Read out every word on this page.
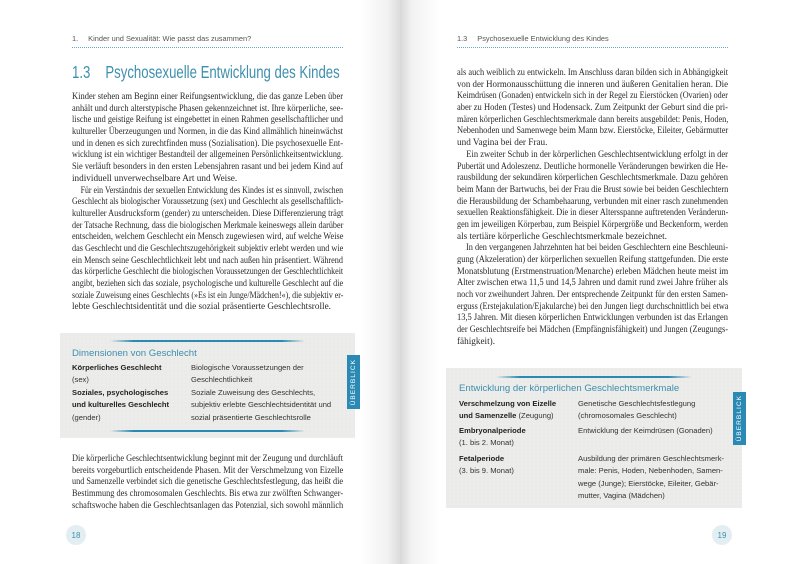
1. Kinder und Sexualität: Wie passt das zusammen?
1.3 Psychosexuelle Entwicklung des Kindes
Kinder stehen am Beginn einer Reifungsentwicklung, die das ganze Leben über
anhält und durch alterstypische Phasen gekennzeichnet ist. Ihre körperliche, see-
lische und geistige Reifung ist eingebettet in einen Rahmen gesellschaftlicher und
kultureller Überzeugungen und Normen, in die das Kind allmählich hineinwächst
und in denen es sich zurechtfinden muss (Sozialisation). Die psychosexuelle Ent-
wicklung ist ein wichtiger Bestandteil der allgemeinen Persönlichkeitsentwicklung.
Sie verläuft besonders in den ersten Lebensjahren rasant und bei jedem Kind auf
individuell unverwechselbare Art und Weise.
Für ein Verständnis der sexuellen Entwicklung des Kindes ist es sinnvoll, zwischen
Geschlecht als biologischer Voraussetzung (sex) und Geschlecht als gesellschaftlich-
kultureller Ausdrucksform (gender) zu unterscheiden. Diese Differenzierung trägt
der Tatsache Rechnung, dass die biologischen Merkmale keineswegs allein darüber
entscheiden, welchem Geschlecht ein Mensch zugewiesen wird, auf welche Weise
das Geschlecht und die Geschlechtszugehörigkeit subjektiv erlebt werden und wie
ein Mensch seine Geschlechtlichkeit lebt und nach außen hin präsentiert. Während
das körperliche Geschlecht die biologischen Voraussetzungen der Geschlechtlichkeit
angibt, beziehen sich das soziale, psychologische und kulturelle Geschlecht auf die
soziale Zuweisung eines Geschlechts (»Es ist ein Junge/Mädchen!«), die subjektiv er-
lebte Geschlechtsidentität und die sozial präsentierte Geschlechtsrolle.
Dimensionen von Geschlecht
Körperliches Geschlecht
(sex)
Biologische Voraussetzungen der
Geschlechtlichkeit
Soziales, psychologisches
und kulturelles Geschlecht
(gender)
Soziale Zuweisung des Geschlechts,
subjektiv erlebte Geschlechtsidentität und
sozial präsentierte Geschlechtsrolle
ÜBERBLICK
Die körperliche Geschlechtsentwicklung beginnt mit der Zeugung und durchläuft
bereits vorgeburtlich entscheidende Phasen. Mit der Verschmelzung von Eizelle
und Samenzelle verbindet sich die genetische Geschlechtsfestlegung, das heißt die
Bestimmung des chromosomalen Geschlechts. Bis etwa zur zwölften Schwanger-
schaftswoche haben die Geschlechtsanlagen das Potenzial, sich sowohl männlich
18
1.3 Psychosexuelle Entwicklung des Kindes
als auch weiblich zu entwickeln. Im Anschluss daran bilden sich in Abhängigkeit
von der Hormonausschüttung die inneren und äußeren Genitalien heran. Die
Keimdrüsen (Gonaden) entwickeln sich in der Regel zu Eierstöcken (Ovarien) oder
aber zu Hoden (Testes) und Hodensack. Zum Zeitpunkt der Geburt sind die pri-
mären körperlichen Geschlechtsmerkmale dann bereits ausgebildet: Penis, Hoden,
Nebenhoden und Samenwege beim Mann bzw. Eierstöcke, Eileiter, Gebärmutter
und Vagina bei der Frau.
Ein zweiter Schub in der körperlichen Geschlechtsentwicklung erfolgt in der
Pubertät und Adoleszenz. Deutliche hormonelle Veränderungen bewirken die He-
rausbildung der sekundären körperlichen Geschlechtsmerkmale. Dazu gehören
beim Mann der Bartwuchs, bei der Frau die Brust sowie bei beiden Geschlechtern
die Herausbildung der Schambehaarung, verbunden mit einer rasch zunehmenden
sexuellen Reaktionsfähigkeit. Die in dieser Altersspanne auftretenden Veränderun-
gen im jeweiligen Körperbau, zum Beispiel Körpergröße und Beckenform, werden
als tertiäre körperliche Geschlechtsmerkmale bezeichnet.
In den vergangenen Jahrzehnten hat bei beiden Geschlechtern eine Beschleuni-
gung (Akzeleration) der körperlichen sexuellen Reifung stattgefunden. Die erste
Monatsblutung (Erstmenstruation/Menarche) erleben Mädchen heute meist im
Alter zwischen etwa 11,5 und 14,5 Jahren und damit rund zwei Jahre früher als
noch vor zweihundert Jahren. Der entsprechende Zeitpunkt für den ersten Samen-
erguss (Erstejakulation/Ejakularche) bei den Jungen liegt durchschnittlich bei etwa
13,5 Jahren. Mit diesen körperlichen Entwicklungen verbunden ist das Erlangen
der Geschlechtsreife bei Mädchen (Empfängnisfähigkeit) und Jungen (Zeugungs-
fähigkeit).
Entwicklung der körperlichen Geschlechtsmerkmale
Verschmelzung von Eizelle
und Samenzelle (Zeugung)
Genetische Geschlechtsfestlegung
(chromosomales Geschlecht)
Embryonalperiode
(1. bis 2. Monat)
Entwicklung der Keimdrüsen (Gonaden)
Fetalperiode
(3. bis 9. Monat)
Ausbildung der primären Geschlechtsmerk-
male: Penis, Hoden, Nebenhoden, Samen-
wege (Junge); Eierstöcke, Eileiter, Gebär-
mutter, Vagina (Mädchen)
ÜBERBLICK
19
